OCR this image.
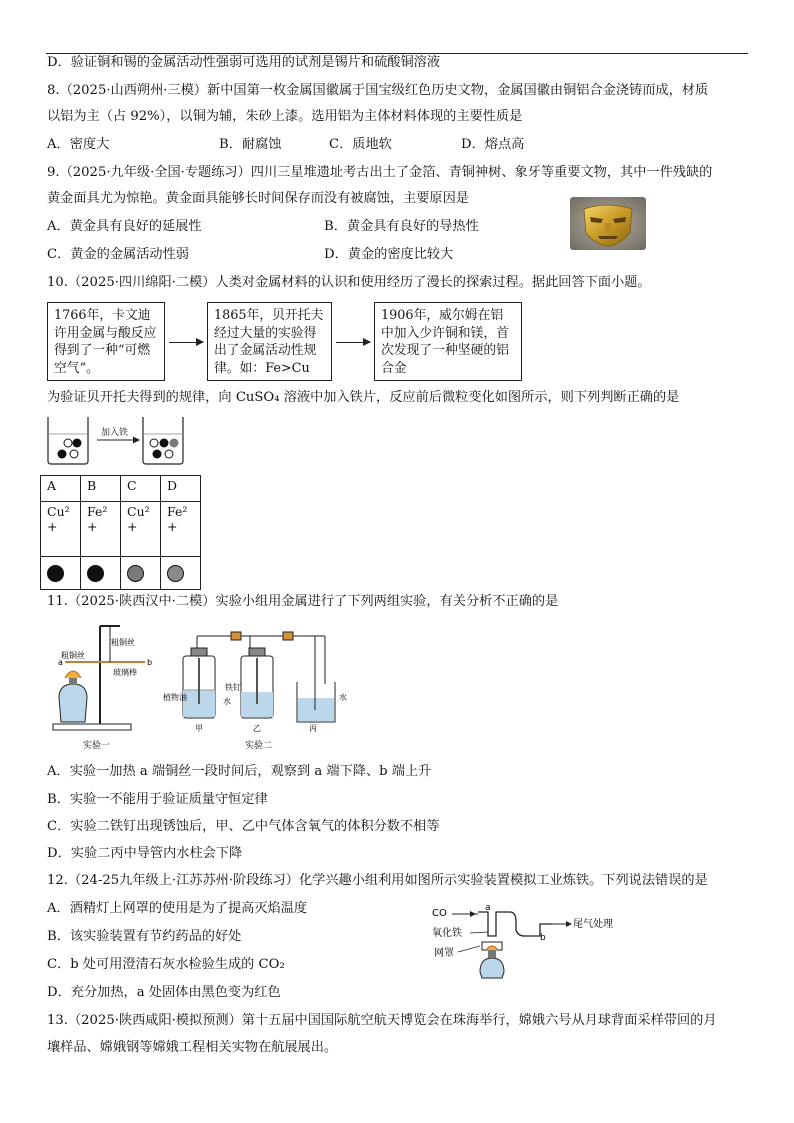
D．验证铜和锡的金属活动性强弱可选用的试剂是锡片和硫酸铜溶液
8.（2025·山西朔州·三模）新中国第一枚金属国徽属于国宝级红色历史文物，金属国徽由铜铝合金浇铸而成，材质
以铝为主（占 92%），以铜为辅，朱砂上漆。选用铝为主体材料体现的主要性质是
A．密度大	B．耐腐蚀	C．质地软	D．熔点高
9.（2025·九年级·全国·专题练习）四川三星堆遗址考古出土了金箔、青铜神树、象牙等重要文物，其中一件残缺的
黄金面具尤为惊艳。黄金面具能够长时间保存而没有被腐蚀，主要原因是
A．黄金具有良好的延展性	B．黄金具有良好的导热性
C．黄金的金属活动性弱	D．黄金的密度比较大
10.（2025·四川绵阳·二模）人类对金属材料的认识和使用经历了漫长的探索过程。据此回答下面小题。
1766年，卡文迪许用金属与酸反应得到了一种“可燃空气”。
1865年，贝开托夫经过大量的实验得出了金属活动性规律。如：Fe>Cu
1906年，威尔姆在铝中加入少许铜和镁，首次发现了一种坚硬的铝合金
为验证贝开托夫得到的规律，向 CuSO₄ 溶液中加入铁片，反应前后微粒变化如图所示，则下列判断正确的是
加入铁
A	B	C	D
Cu²
+	Fe²
+	Cu²
+	Fe²
+

11.（2025·陕西汉中·二模）实验小组用金属进行了下列两组实验，有关分析不正确的是
粗铜丝
粗铜丝
a	b
玻璃棒
实验一
植物油
铁钉
水	水
甲	乙	丙
实验二
A．实验一加热 a 端铜丝一段时间后，观察到 a 端下降、b 端上升
B．实验一不能用于验证质量守恒定律
C．实验二铁钉出现锈蚀后，甲、乙中气体含氧气的体积分数不相等
D．实验二丙中导管内水柱会下降
12.（24-25九年级上·江苏苏州·阶段练习）化学兴趣小组利用如图所示实验装置模拟工业炼铁。下列说法错误的是
A．酒精灯上网罩的使用是为了提高灭焰温度
B．该实验装置有节约药品的好处
C．b 处可用澄清石灰水检验生成的 CO₂
D．充分加热，a 处固体由黑色变为红色
CO
尾气处理
a
b
氧化铁
网罩
13.（2025·陕西咸阳·模拟预测）第十五届中国国际航空航天博览会在珠海举行，嫦娥六号从月球背面采样带回的月
壤样品、嫦娥钢等嫦娥工程相关实物在航展展出。
